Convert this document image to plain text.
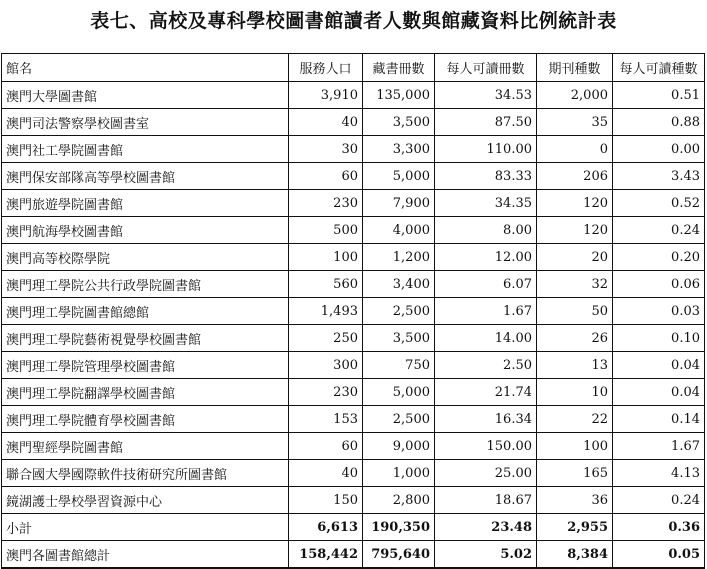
表七、高校及專科學校圖書館讀者人數與館藏資料比例統計表
館名	服務人口	藏書冊數	每人可讀冊數	期刊種數	每人可讀種數
澳門大學圖書館	3,910	135,000	34.53	2,000	0.51
澳門司法警察學校圖書室	40	3,500	87.50	35	0.88
澳門社工學院圖書館	30	3,300	110.00	0	0.00
澳門保安部隊高等學校圖書館	60	5,000	83.33	206	3.43
澳門旅遊學院圖書館	230	7,900	34.35	120	0.52
澳門航海學校圖書館	500	4,000	8.00	120	0.24
澳門高等校際學院	100	1,200	12.00	20	0.20
澳門理工學院公共行政學院圖書館	560	3,400	6.07	32	0.06
澳門理工學院圖書館總館	1,493	2,500	1.67	50	0.03
澳門理工學院藝術視覺學校圖書館	250	3,500	14.00	26	0.10
澳門理工學院管理學校圖書館	300	750	2.50	13	0.04
澳門理工學院翻譯學校圖書館	230	5,000	21.74	10	0.04
澳門理工學院體育學校圖書館	153	2,500	16.34	22	0.14
澳門聖經學院圖書館	60	9,000	150.00	100	1.67
聯合國大學國際軟件技術研究所圖書館	40	1,000	25.00	165	4.13
鏡湖護士學校學習資源中心	150	2,800	18.67	36	0.24
小計	6,613	190,350	23.48	2,955	0.36
澳門各圖書館總計	158,442	795,640	5.02	8,384	0.05
